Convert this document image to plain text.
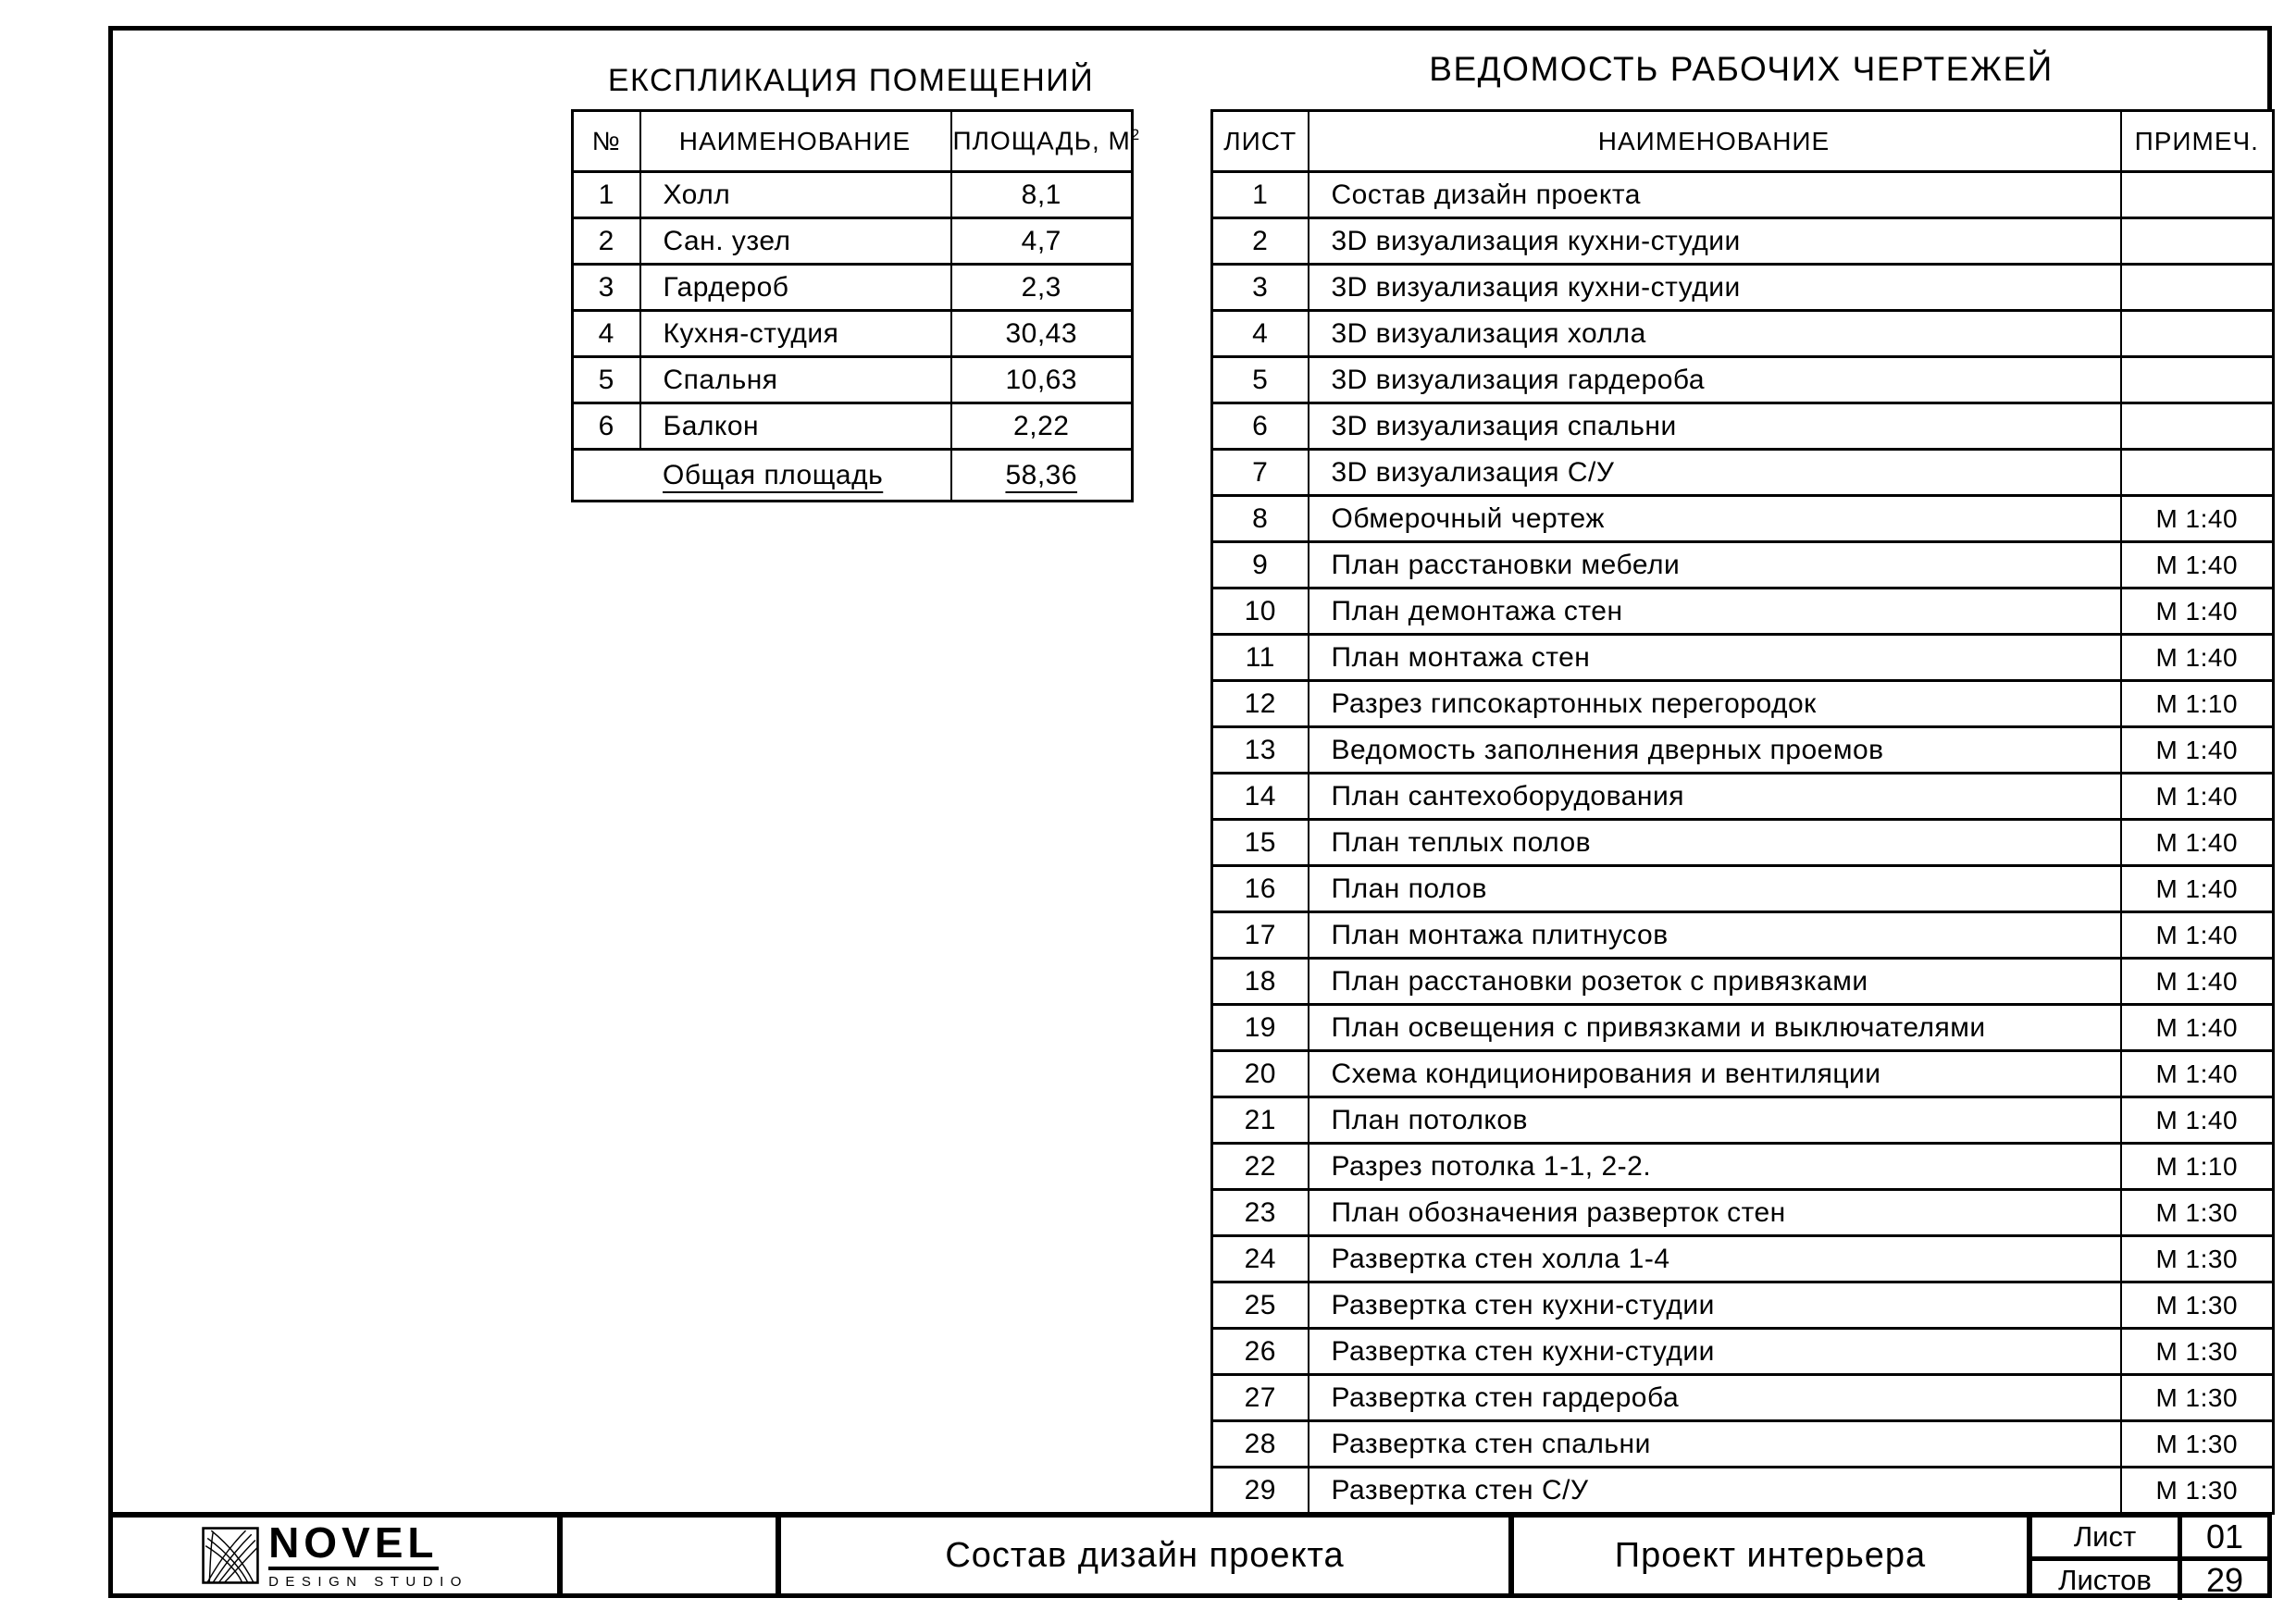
ЕКСПЛИКАЦИЯ ПОМЕЩЕНИЙ
№	НАИМЕНОВАНИЕ	ПЛОЩАДЬ, $М^2$
1	Холл	8,1
2	Сан. узел	4,7
3	Гардероб	2,3
4	Кухня-студия	30,43
5	Спальня	10,63
6	Балкон	2,22
Общая площадь		58,36
ВЕДОМОСТЬ РАБОЧИХ ЧЕРТЕЖЕЙ
ЛИСТ	НАИМЕНОВАНИЕ	ПРИМЕЧ.
1	Состав дизайн проекта	
2	3D визуализация кухни-студии	
3	3D визуализация кухни-студии	
4	3D визуализация холла	
5	3D визуализация гардероба	
6	3D визуализация спальни	
7	3D визуализация С/У	
8	Обмерочный чертеж	М 1:40
9	План расстановки мебели	М 1:40
10	План демонтажа стен	М 1:40
11	План монтажа стен	М 1:40
12	Разрез гипсокартонных перегородок	М 1:10
13	Ведомость заполнения дверных проемов	М 1:40
14	План сантехоборудования	М 1:40
15	План теплых полов	М 1:40
16	План полов	М 1:40
17	План монтажа плитнусов	М 1:40
18	План расстановки розеток с привязками	М 1:40
19	План освещения с привязками и выключателями	М 1:40
20	Схема кондиционирования и вентиляции	М 1:40
21	План потолков	М 1:40
22	Разрез потолка 1-1, 2-2.	М 1:10
23	План обозначения разверток стен	М 1:30
24	Развертка стен холла 1-4	М 1:30
25	Развертка стен кухни-студии	М 1:30
26	Развертка стен кухни-студии	М 1:30
27	Развертка стен гардероба	М 1:30
28	Развертка стен спальни	М 1:30
29	Развертка стен С/У	М 1:30
NOVEL
DESIGN STUDIO
Состав дизайн проекта	Проект интерьера	Лист	01
Листов	29
